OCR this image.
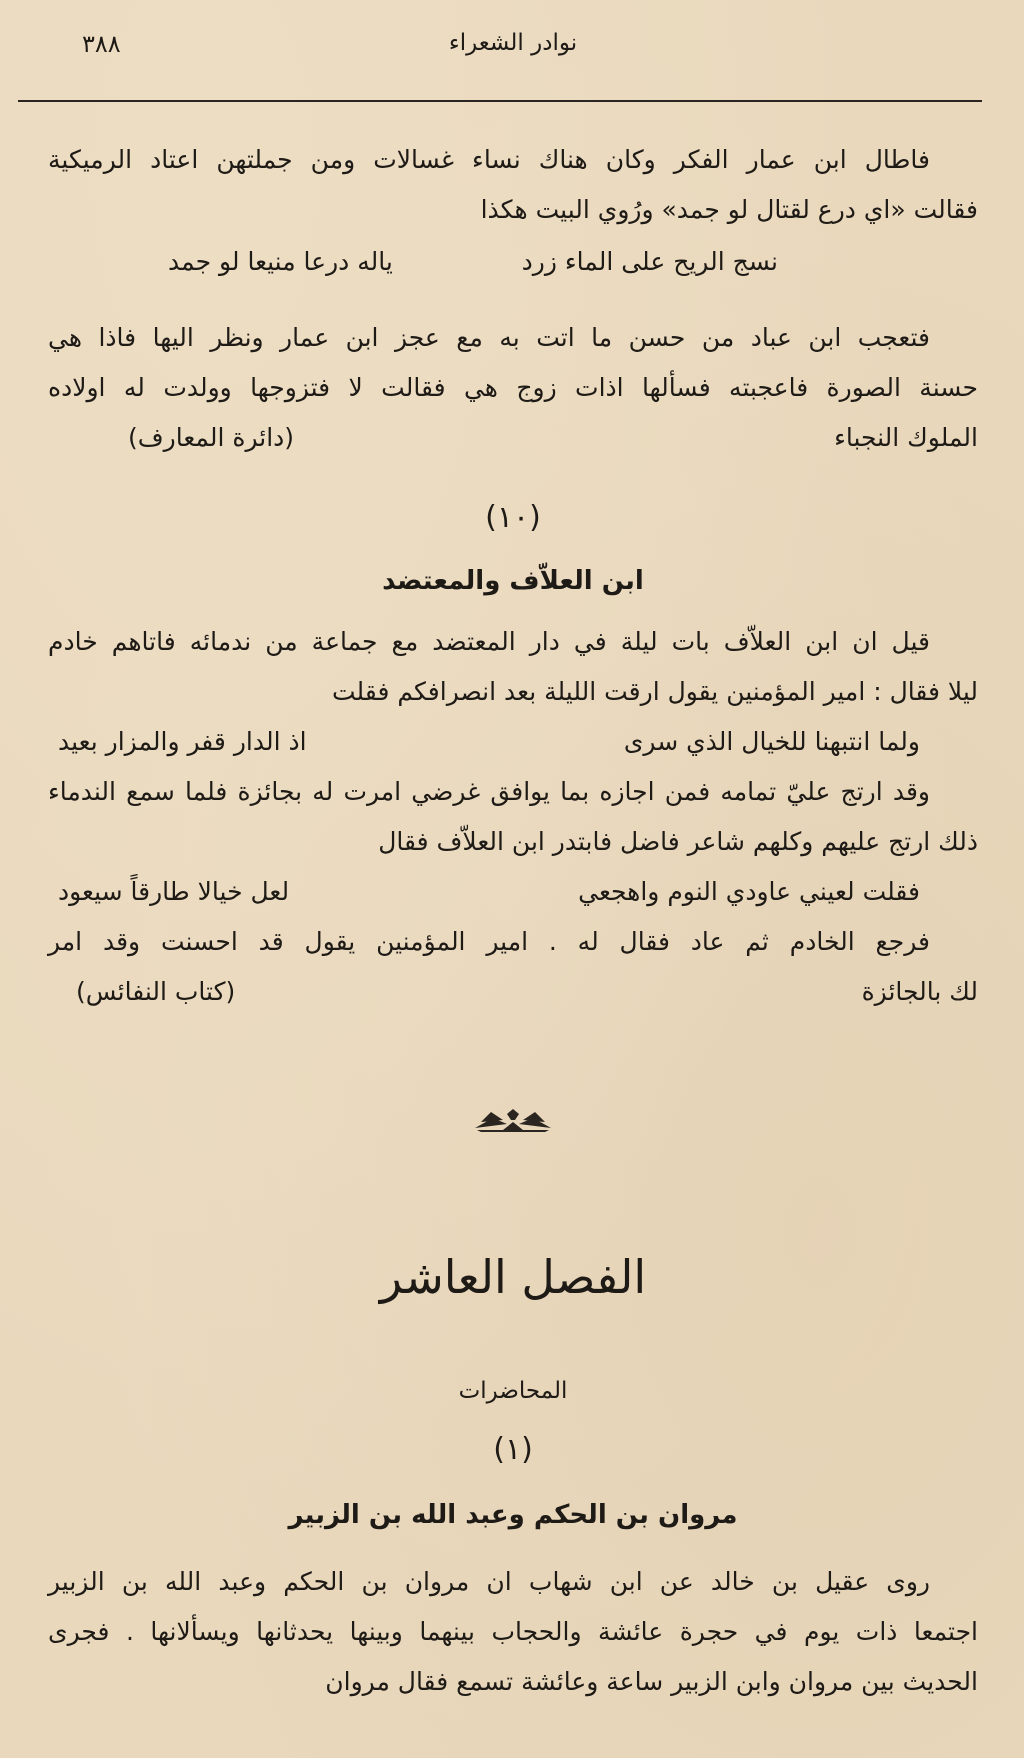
نوادر الشعراء
٣٨٨
فاطال ابن عمار الفكر وكان هناك نساء غسالات ومن جملتهن اعتاد الرميكية
فقالت «اي درع لقتال لو جمد» ورُوي البيت هكذا
نسج الريح على الماء زرد
ياله درعا منيعا لو جمد
فتعجب ابن عباد من حسن ما اتت به مع عجز ابن عمار ونظر اليها فاذا هي
حسنة الصورة فاعجبته فسألها اذات زوج هي فقالت لا فتزوجها وولدت له اولاده
الملوك النجباء
(دائرة المعارف)
(١٠)
ابن العلاّف والمعتضد
قيل ان ابن العلاّف بات ليلة في دار المعتضد مع جماعة من ندمائه فاتاهم خادم
ليلا فقال : امير المؤمنين يقول ارقت الليلة بعد انصرافكم فقلت
ولما انتبهنا للخيال الذي سرى
اذ الدار قفر والمزار بعيد
وقد ارتج عليّ تمامه فمن اجازه بما يوافق غرضي امرت له بجائزة فلما سمع الندماء
ذلك ارتج عليهم وكلهم شاعر فاضل فابتدر ابن العلاّف فقال
فقلت لعيني عاودي النوم واهجعي
لعل خيالا طارقاً سيعود
فرجع الخادم ثم عاد فقال له . امير المؤمنين يقول قد احسنت وقد امر
لك بالجائزة
(كتاب النفائس)
الفصل العاشر
المحاضرات
(١)
مروان بن الحكم وعبد الله بن الزبير
روى عقيل بن خالد عن ابن شهاب ان مروان بن الحكم وعبد الله بن الزبير
اجتمعا ذات يوم في حجرة عائشة والحجاب بينهما وبينها يحدثانها ويسألانها . فجرى
الحديث بين مروان وابن الزبير ساعة وعائشة تسمع فقال مروان
